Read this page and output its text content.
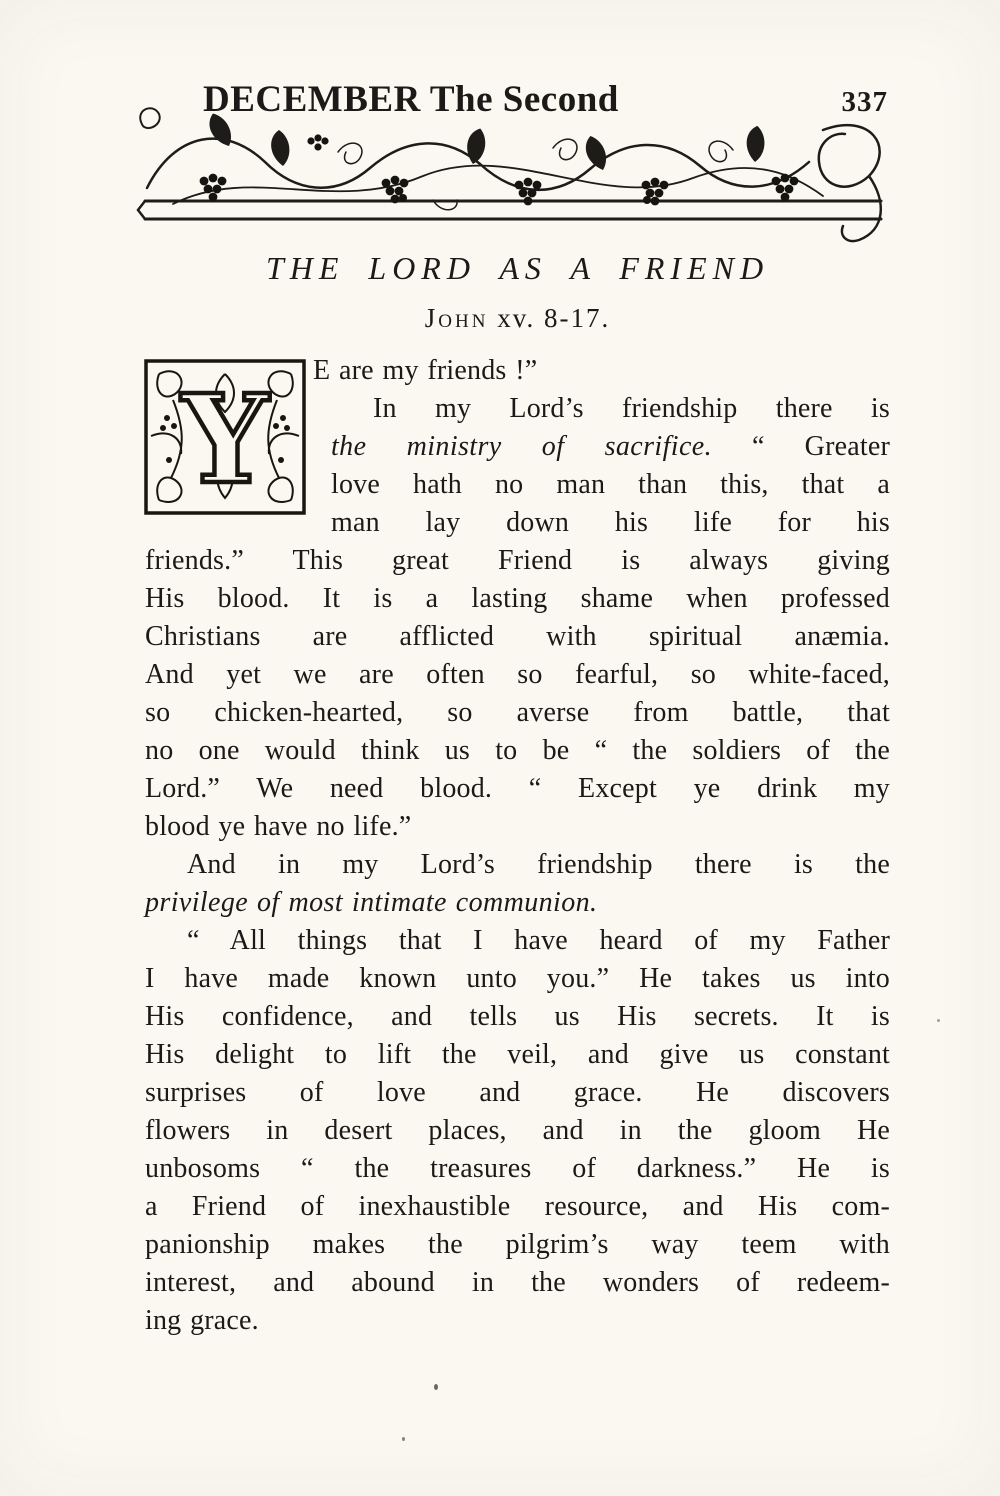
DECEMBER The Second	337
THE LORD AS A FRIEND
John xv. 8-17.
Y E are my friends !”
In my Lord’s friendship there is
the ministry of sacrifice. “ Greater
love hath no man than this, that a
man lay down his life for his
friends.” This great Friend is always giving
His blood. It is a lasting shame when professed
Christians are afflicted with spiritual anæmia.
And yet we are often so fearful, so white-faced,
so chicken-hearted, so averse from battle, that
no one would think us to be “ the soldiers of the
Lord.” We need blood. “ Except ye drink my
blood ye have no life.”
And in my Lord’s friendship there is the
privilege of most intimate communion.
“ All things that I have heard of my Father
I have made known unto you.” He takes us into
His confidence, and tells us His secrets. It is
His delight to lift the veil, and give us constant
surprises of love and grace. He discovers
flowers in desert places, and in the gloom He
unbosoms “ the treasures of darkness.” He is
a Friend of inexhaustible resource, and His com-
panionship makes the pilgrim’s way teem with
interest, and abound in the wonders of redeem-
ing grace.
